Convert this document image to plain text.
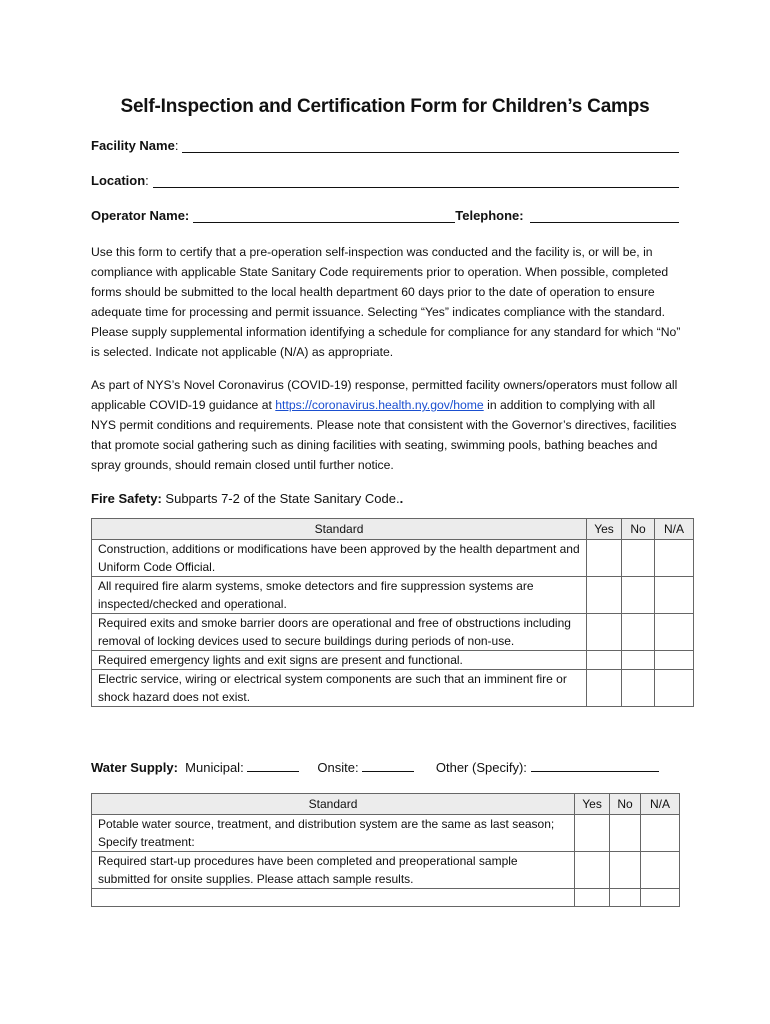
Self-Inspection and Certification Form for Children’s Camps
Facility Name:
Location:
Operator Name:	Telephone:
Use this form to certify that a pre-operation self-inspection was conducted and the facility is, or will be, in compliance with applicable State Sanitary Code requirements prior to operation. When possible, completed forms should be submitted to the local health department 60 days prior to the date of operation to ensure adequate time for processing and permit issuance. Selecting “Yes” indicates compliance with the standard. Please supply supplemental information identifying a schedule for compliance for any standard for which “No” is selected. Indicate not applicable (N/A) as appropriate.
As part of NYS’s Novel Coronavirus (COVID-19) response, permitted facility owners/operators must follow all applicable COVID-19 guidance at https://coronavirus.health.ny.gov/home in addition to complying with all NYS permit conditions and requirements. Please note that consistent with the Governor’s directives, facilities that promote social gathering such as dining facilities with seating, swimming pools, bathing beaches and spray grounds, should remain closed until further notice.
Fire Safety: Subparts 7-2 of the State Sanitary Code..
Standard	Yes	No	N/A
Construction, additions or modifications have been approved by the health department and Uniform Code Official.			
All required fire alarm systems, smoke detectors and fire suppression systems are inspected/checked and operational.			
Required exits and smoke barrier doors are operational and free of obstructions including removal of locking devices used to secure buildings during periods of non-use.			
Required emergency lights and exit signs are present and functional.			
Electric service, wiring or electrical system components are such that an imminent fire or shock hazard does not exist.			
Water Supply: Municipal:	Onsite:	Other (Specify):
Standard	Yes	No	N/A
Potable water source, treatment, and distribution system are the same as last season; Specify treatment:			
Required start-up procedures have been completed and preoperational sample submitted for onsite supplies. Please attach sample results.			
